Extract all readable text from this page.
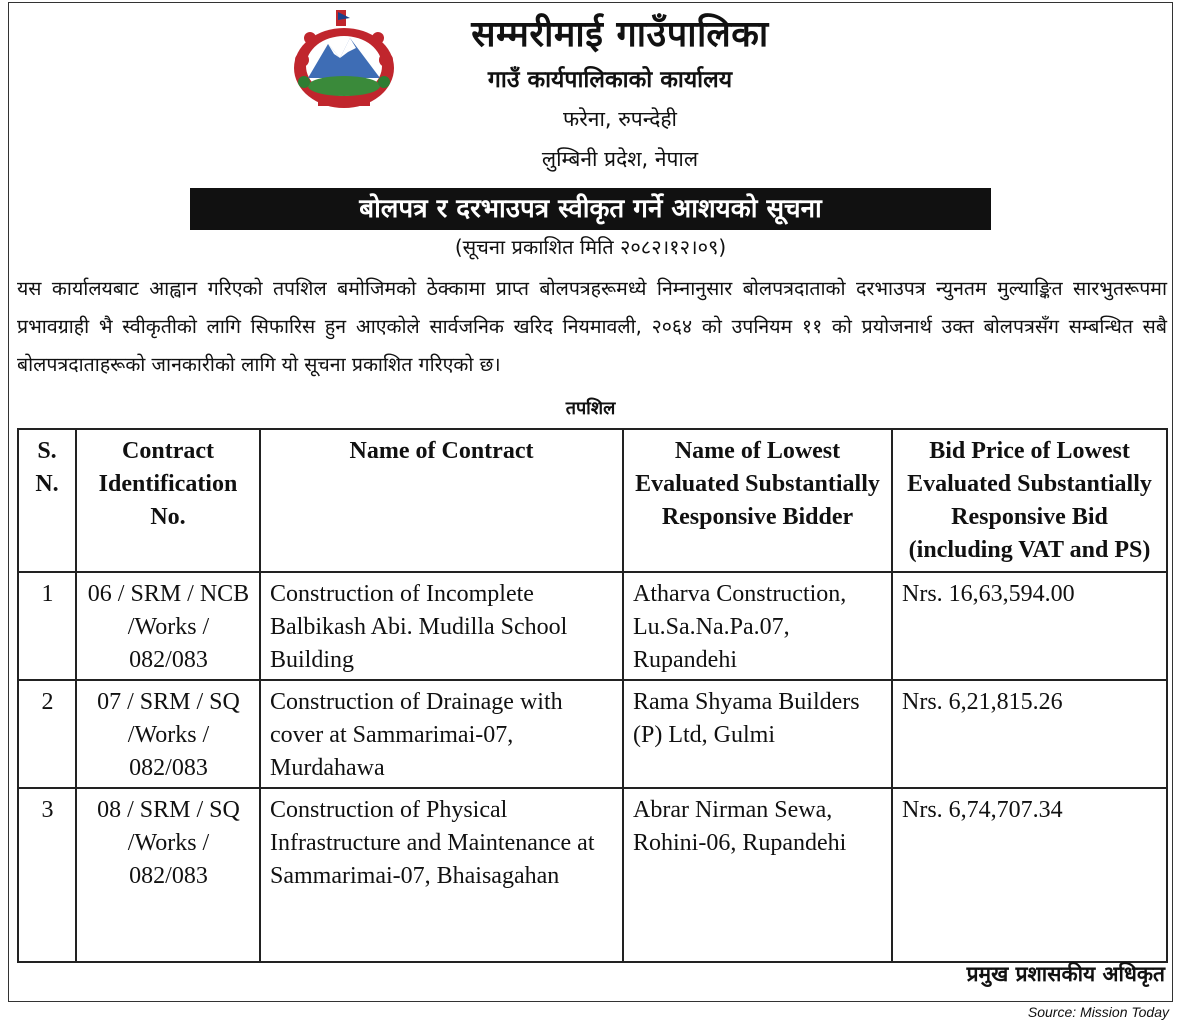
सम्मरीमाई गाउँपालिका
गाउँ कार्यपालिकाको कार्यालय
फरेना, रुपन्देही
लुम्बिनी प्रदेश, नेपाल
बोलपत्र र दरभाउपत्र स्वीकृत गर्ने आशयको सूचना
(सूचना प्रकाशित मिति २०८२।१२।०९)
यस कार्यालयबाट आह्वान गरिएको तपशिल बमोजिमको ठेक्कामा प्राप्त बोलपत्रहरूमध्ये निम्नानुसार बोलपत्रदाताको दरभाउपत्र न्युनतम मुल्याङ्कित सारभुतरूपमा प्रभावग्राही भै स्वीकृतीको लागि सिफारिस हुन आएकोले सार्वजनिक खरिद नियमावली, २०६४ को उपनियम ११ को प्रयोजनार्थ उक्त बोलपत्रसँग सम्बन्धित सबै बोलपत्रदाताहरूको जानकारीको लागि यो सूचना प्रकाशित गरिएको छ।
तपशिल
S. N.	Contract Identification No.	Name of Contract	Name of Lowest Evaluated Substantially Responsive Bidder	Bid Price of Lowest Evaluated Substantially Responsive Bid (including VAT and PS)
1	06 / SRM / NCB /Works / 082/083	Construction of Incomplete Balbikash Abi. Mudilla School Building	Atharva Construction, Lu.Sa.Na.Pa.07, Rupandehi	Nrs. 16,63,594.00
2	07 / SRM / SQ /Works / 082/083	Construction of Drainage with cover at Sammarimai-07, Murdahawa	Rama Shyama Builders (P) Ltd, Gulmi	Nrs. 6,21,815.26
3	08 / SRM / SQ /Works / 082/083	Construction of Physical Infrastructure and Maintenance at Sammarimai-07, Bhaisagahan	Abrar Nirman Sewa, Rohini-06, Rupandehi	Nrs. 6,74,707.34
प्रमुख प्रशासकीय अधिकृत
Source: Mission Today
